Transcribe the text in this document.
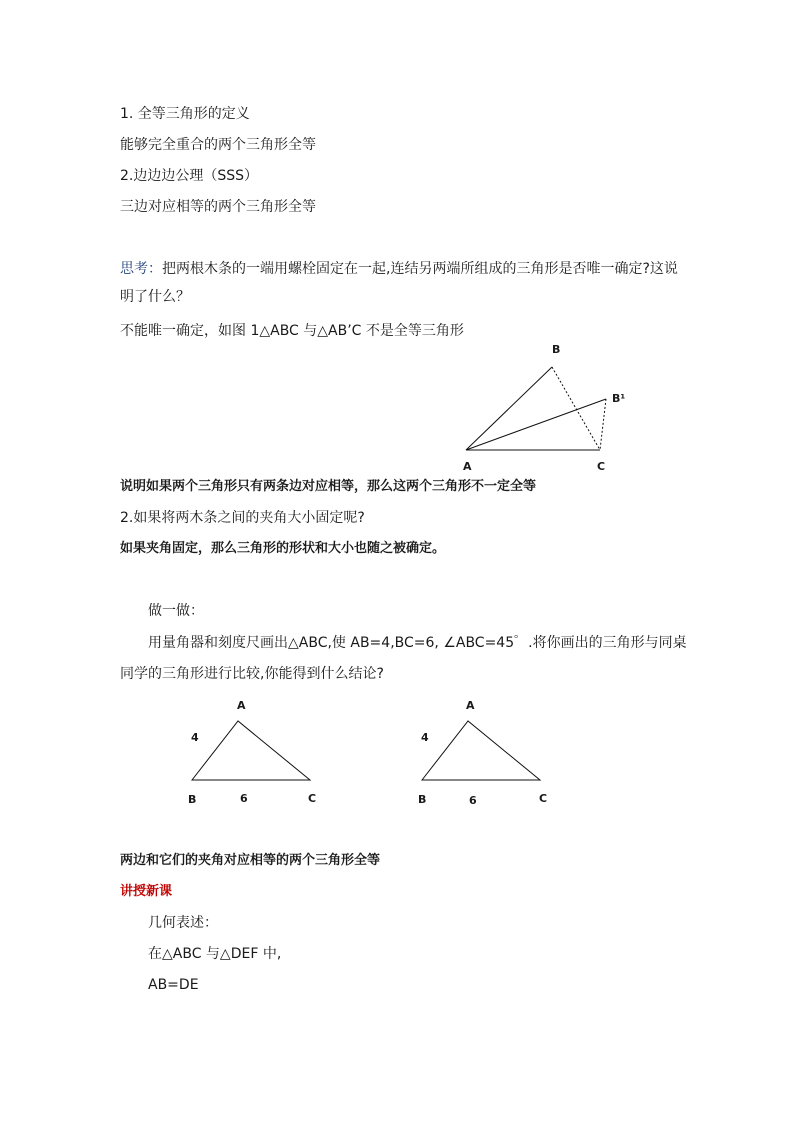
1. 全等三角形的定义
能够完全重合的两个三角形全等
2.边边边公理（SSS）
三边对应相等的两个三角形全等
思考：把两根木条的一端用螺栓固定在一起,连结另两端所组成的三角形是否唯一确定?这说明了什么？
不能唯一确定，如图 1△ABC 与△AB’C 不是全等三角形
A
B
B¹
C
说明如果两个三角形只有两条边对应相等，那么这两个三角形不一定全等
2.如果将两木条之间的夹角大小固定呢?
如果夹角固定，那么三角形的形状和大小也随之被确定。
做一做：
用量角器和刻度尺画出△ABC,使 AB=4,BC=6, ∠ABC=45゜.将你画出的三角形与同桌
同学的三角形进行比较,你能得到什么结论?
A
4
B	6	C
A
4
B	6	C
两边和它们的夹角对应相等的两个三角形全等
讲授新课
几何表述：
在△ABC 与△DEF 中,
AB=DE
